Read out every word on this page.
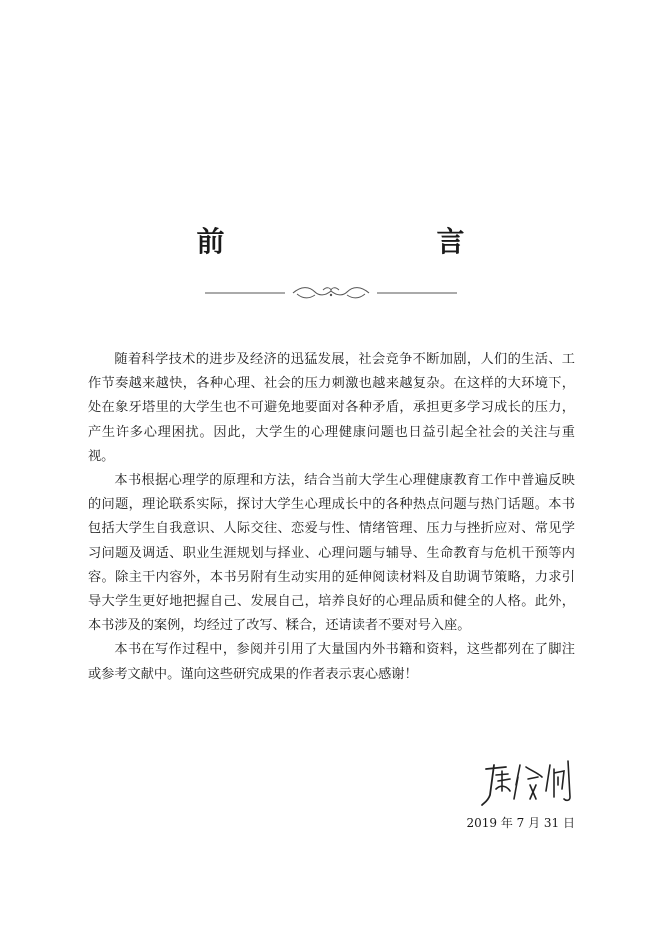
前　　言

随着科学技术的进步及经济的迅猛发展，社会竞争不断加剧，人们的生活、工作节奏越来越快，各种心理、社会的压力刺激也越来越复杂。在这样的大环境下，处在象牙塔里的大学生也不可避免地要面对各种矛盾，承担更多学习成长的压力，产生许多心理困扰。因此，大学生的心理健康问题也日益引起全社会的关注与重视。

本书根据心理学的原理和方法，结合当前大学生心理健康教育工作中普遍反映的问题，理论联系实际，探讨大学生心理成长中的各种热点问题与热门话题。本书包括大学生自我意识、人际交往、恋爱与性、情绪管理、压力与挫折应对、常见学习问题及调适、职业生涯规划与择业、心理问题与辅导、生命教育与危机干预等内容。除主干内容外，本书另附有生动实用的延伸阅读材料及自助调节策略，力求引导大学生更好地把握自己、发展自己，培养良好的心理品质和健全的人格。此外，本书涉及的案例，均经过了改写、糅合，还请读者不要对号入座。

本书在写作过程中，参阅并引用了大量国内外书籍和资料，这些都列在了脚注或参考文献中。谨向这些研究成果的作者表示衷心感谢！

2019 年 7 月 31 日
